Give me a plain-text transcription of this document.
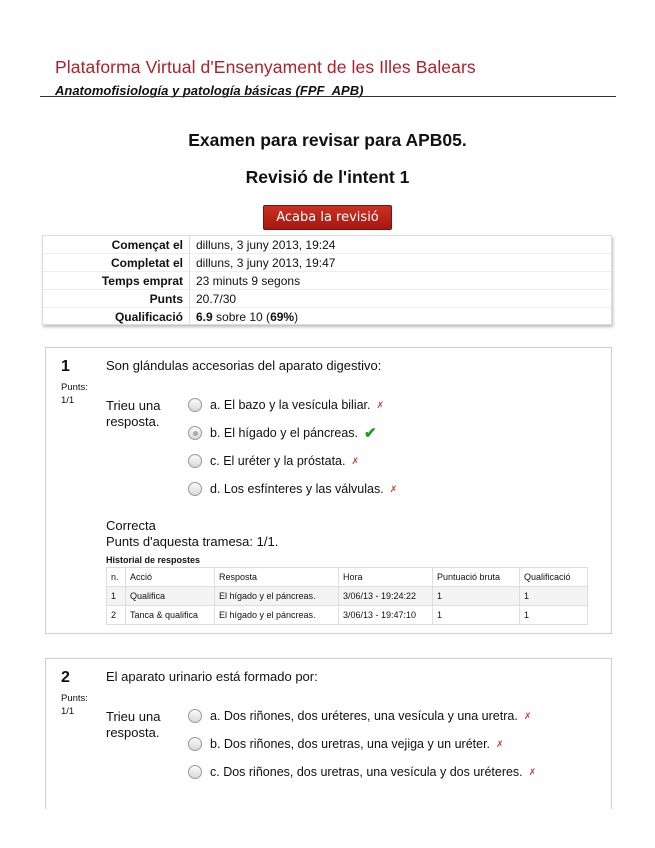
Plataforma Virtual d'Ensenyament de les Illes Balears
Anatomofisiología y patología básicas (FPF_APB)
Examen para revisar para APB05.
Revisió de l'intent 1
Acaba la revisió
Començat el	dilluns, 3 juny 2013, 19:24
Completat el	dilluns, 3 juny 2013, 19:47
Temps emprat	23 minuts 9 segons
Punts	20.7/30
Qualificació	6.9 sobre 10 (69%)
1
Punts:
1/1
Son glándulas accesorias del aparato digestivo:
Trieu una resposta.
a. El bazo y la vesícula biliar. ✗
b. El hígado y el páncreas. ✔
c. El uréter y la próstata. ✗
d. Los esfínteres y las válvulas. ✗
Correcta
Punts d'aquesta tramesa: 1/1.
Historial de respostes
n.	Acció	Resposta	Hora	Puntuació bruta	Qualificació
1	Qualifica	El hígado y el páncreas.	3/06/13 - 19:24:22	1	1
2	Tanca & qualifica	El hígado y el páncreas.	3/06/13 - 19:47:10	1	1
2
Punts:
1/1
El aparato urinario está formado por:
Trieu una resposta.
a. Dos riñones, dos uréteres, una vesícula y una uretra. ✗
b. Dos riñones, dos uretras, una vejiga y un uréter. ✗
c. Dos riñones, dos uretras, una vesícula y dos uréteres. ✗
